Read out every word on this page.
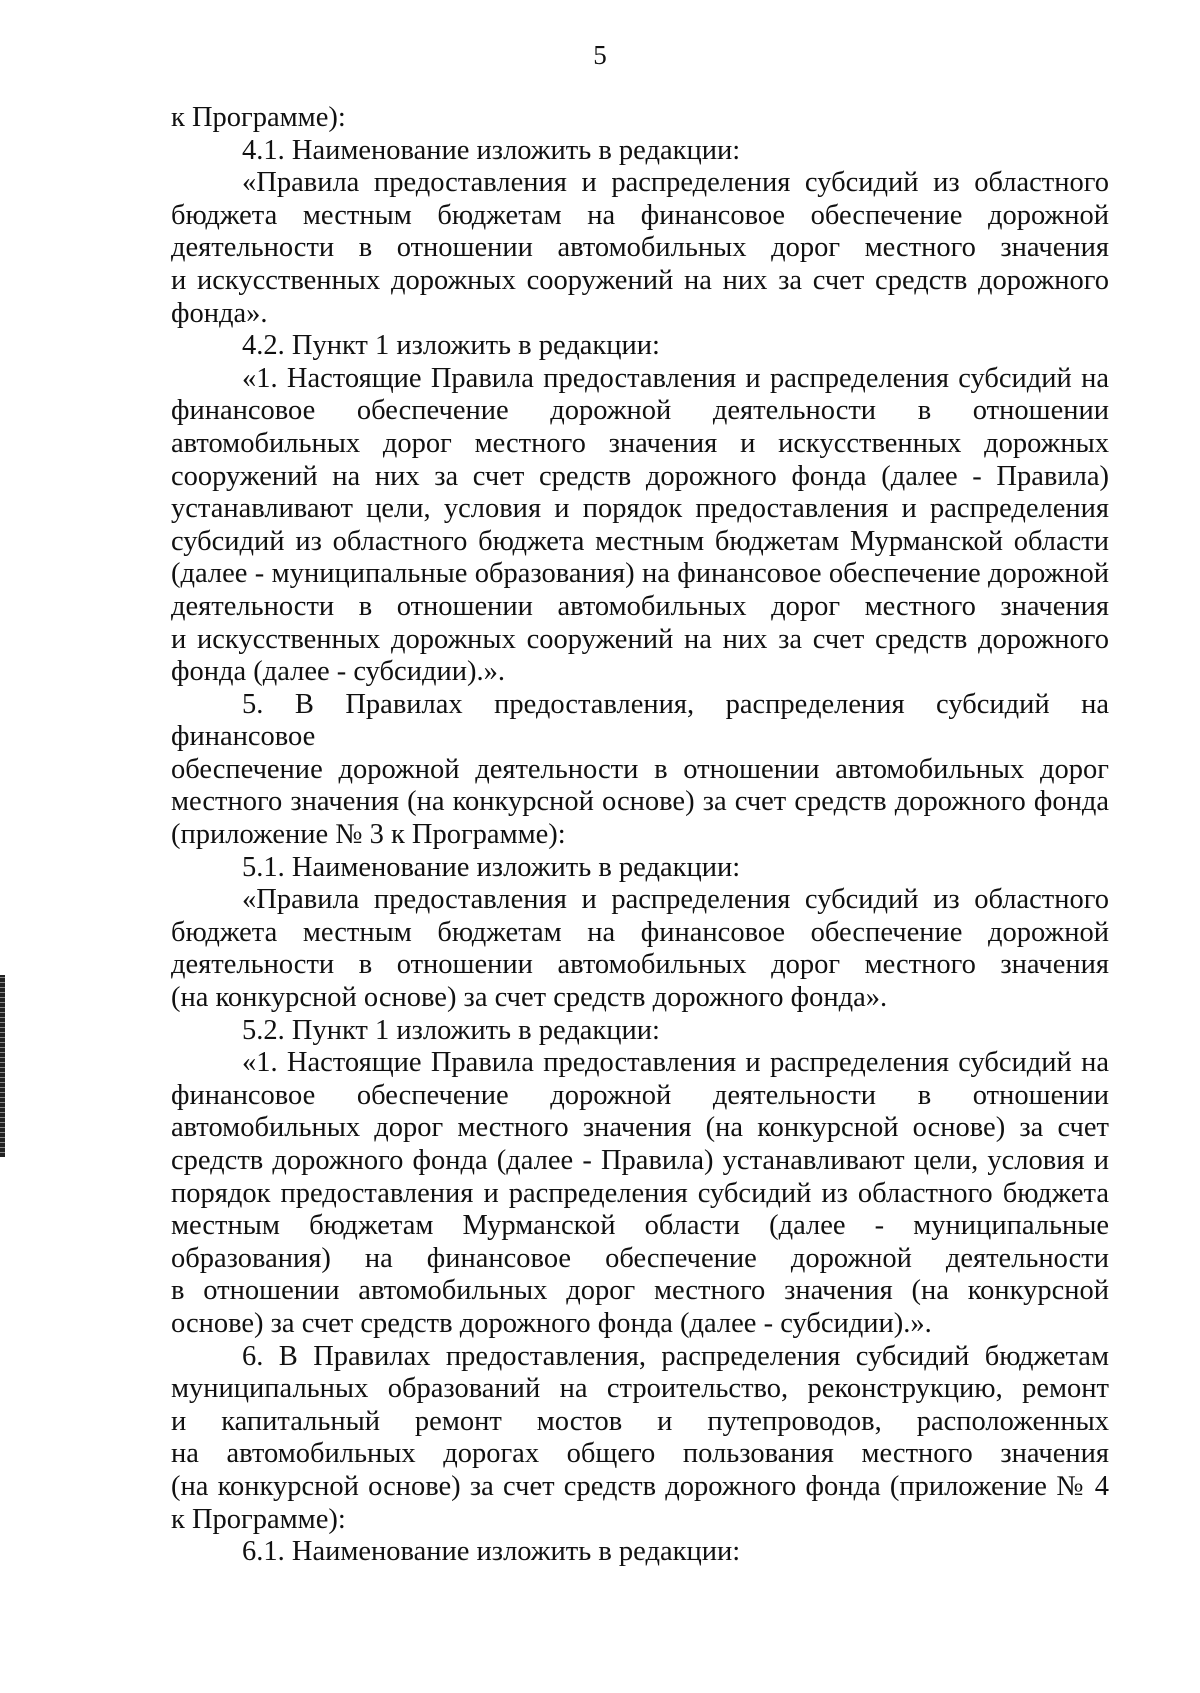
5
к Программе):
4.1. Наименование изложить в редакции:
«Правила предоставления и распределения субсидий из областного
бюджета местным бюджетам на финансовое обеспечение дорожной
деятельности в отношении автомобильных дорог местного значения
и искусственных дорожных сооружений на них за счет средств дорожного
фонда».
4.2. Пункт 1 изложить в редакции:
«1. Настоящие Правила предоставления и распределения субсидий на
финансовое обеспечение дорожной деятельности в отношении
автомобильных дорог местного значения и искусственных дорожных
сооружений на них за счет средств дорожного фонда (далее - Правила)
устанавливают цели, условия и порядок предоставления и распределения
субсидий из областного бюджета местным бюджетам Мурманской области
(далее - муниципальные образования) на финансовое обеспечение дорожной
деятельности в отношении автомобильных дорог местного значения
и искусственных дорожных сооружений на них за счет средств дорожного
фонда (далее - субсидии).».
5. В Правилах предоставления, распределения субсидий на финансовое
обеспечение дорожной деятельности в отношении автомобильных дорог
местного значения (на конкурсной основе) за счет средств дорожного фонда
(приложение № 3 к Программе):
5.1. Наименование изложить в редакции:
«Правила предоставления и распределения субсидий из областного
бюджета местным бюджетам на финансовое обеспечение дорожной
деятельности в отношении автомобильных дорог местного значения
(на конкурсной основе) за счет средств дорожного фонда».
5.2. Пункт 1 изложить в редакции:
«1. Настоящие Правила предоставления и распределения субсидий на
финансовое обеспечение дорожной деятельности в отношении
автомобильных дорог местного значения (на конкурсной основе) за счет
средств дорожного фонда (далее - Правила) устанавливают цели, условия и
порядок предоставления и распределения субсидий из областного бюджета
местным бюджетам Мурманской области (далее - муниципальные
образования) на финансовое обеспечение дорожной деятельности
в отношении автомобильных дорог местного значения (на конкурсной
основе) за счет средств дорожного фонда (далее - субсидии).».
6. В Правилах предоставления, распределения субсидий бюджетам
муниципальных образований на строительство, реконструкцию, ремонт
и капитальный ремонт мостов и путепроводов, расположенных
на автомобильных дорогах общего пользования местного значения
(на конкурсной основе) за счет средств дорожного фонда (приложение № 4
к Программе):
6.1. Наименование изложить в редакции:
